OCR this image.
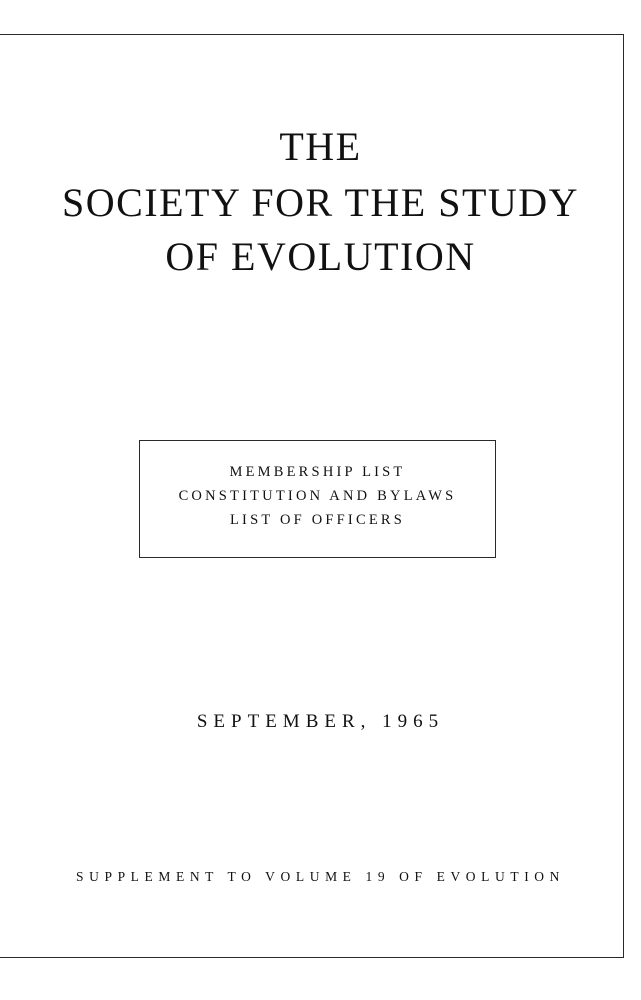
THE
SOCIETY FOR THE STUDY
OF EVOLUTION
MEMBERSHIP LIST
CONSTITUTION AND BYLAWS
LIST OF OFFICERS
SEPTEMBER, 1965
SUPPLEMENT TO VOLUME 19 OF EVOLUTION
